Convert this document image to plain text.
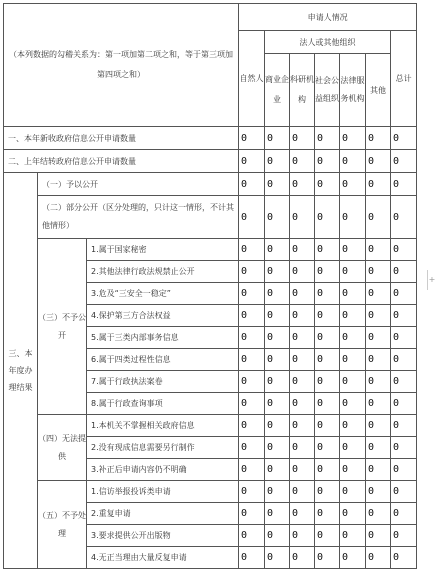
（本列数据的勾稽关系为：第一项加第二项之和，等于第三项加第四项之和）			申请人情况						
			自然人	法人或其他组织					总计
				商业企业	科研机构	社会公益组织	法律服务机构	其他	
一、本年新收政府信息公开申请数量			0	0	0	0	0	0	0
二、上年结转政府信息公开申请数量			0	0	0	0	0	0	0
三、本年度办理结果	（一）予以公开		0	0	0	0	0	0	0
	（二）部分公开（区分处理的，只计这一情形，不计其他情形）		0	0	0	0	0	0	0
	（三）不予公开	1.属于国家秘密	0	0	0	0	0	0	0
		2.其他法律行政法规禁止公开	0	0	0	0	0	0	0
		3.危及“三安全一稳定”	0	0	0	0	0	0	0
		4.保护第三方合法权益	0	0	0	0	0	0	0
		5.属于三类内部事务信息	0	0	0	0	0	0	0
		6.属于四类过程性信息	0	0	0	0	0	0	0
		7.属于行政执法案卷	0	0	0	0	0	0	0
		8.属于行政查询事项	0	0	0	0	0	0	0
	（四）无法提供	1.本机关不掌握相关政府信息	0	0	0	0	0	0	0
		2.没有现成信息需要另行制作	0	0	0	0	0	0	0
		3.补正后申请内容仍不明确	0	0	0	0	0	0	0
	（五）不予处理	1.信访举报投诉类申请	0	0	0	0	0	0	0
		2.重复申请	0	0	0	0	0	0	0
		3.要求提供公开出版物	0	0	0	0	0	0	0
		4.无正当理由大量反复申请	0	0	0	0	0	0	0
+
